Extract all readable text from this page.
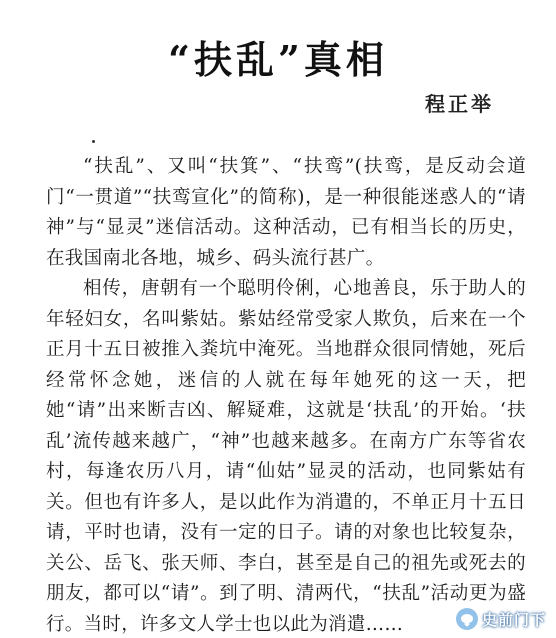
“扶乱”真相
程正举

“扶乱”、又叫“扶箕”、“扶鸾”(扶鸾，是反动会道门“一贯道”“扶鸾宣化”的简称)，是一种很能迷惑人的“请神”与“显灵”迷信活动。这种活动，已有相当长的历史，在我国南北各地，城乡、码头流行甚广。

相传，唐朝有一个聪明伶俐，心地善良，乐于助人的年轻妇女，名叫紫姑。紫姑经常受家人欺负，后来在一个正月十五日被推入粪坑中淹死。当地群众很同情她，死后经常怀念她，迷信的人就在每年她死的这一天，把她“请”出来断吉凶、解疑难，这就是‘扶乱’的开始。‘扶乱’流传越来越广，“神”也越来越多。在南方广东等省农村，每逢农历八月，请“仙姑”显灵的活动，也同紫姑有关。但也有许多人，是以此作为消遣的，不单正月十五日请，平时也请，没有一定的日子。请的对象也比较复杂，关公、岳飞、张天师、李白，甚至是自己的祖先或死去的朋友，都可以“请”。到了明、清两代，“扶乱”活动更为盛行。当时，许多文人学士也以此为消遣……	史前门下
